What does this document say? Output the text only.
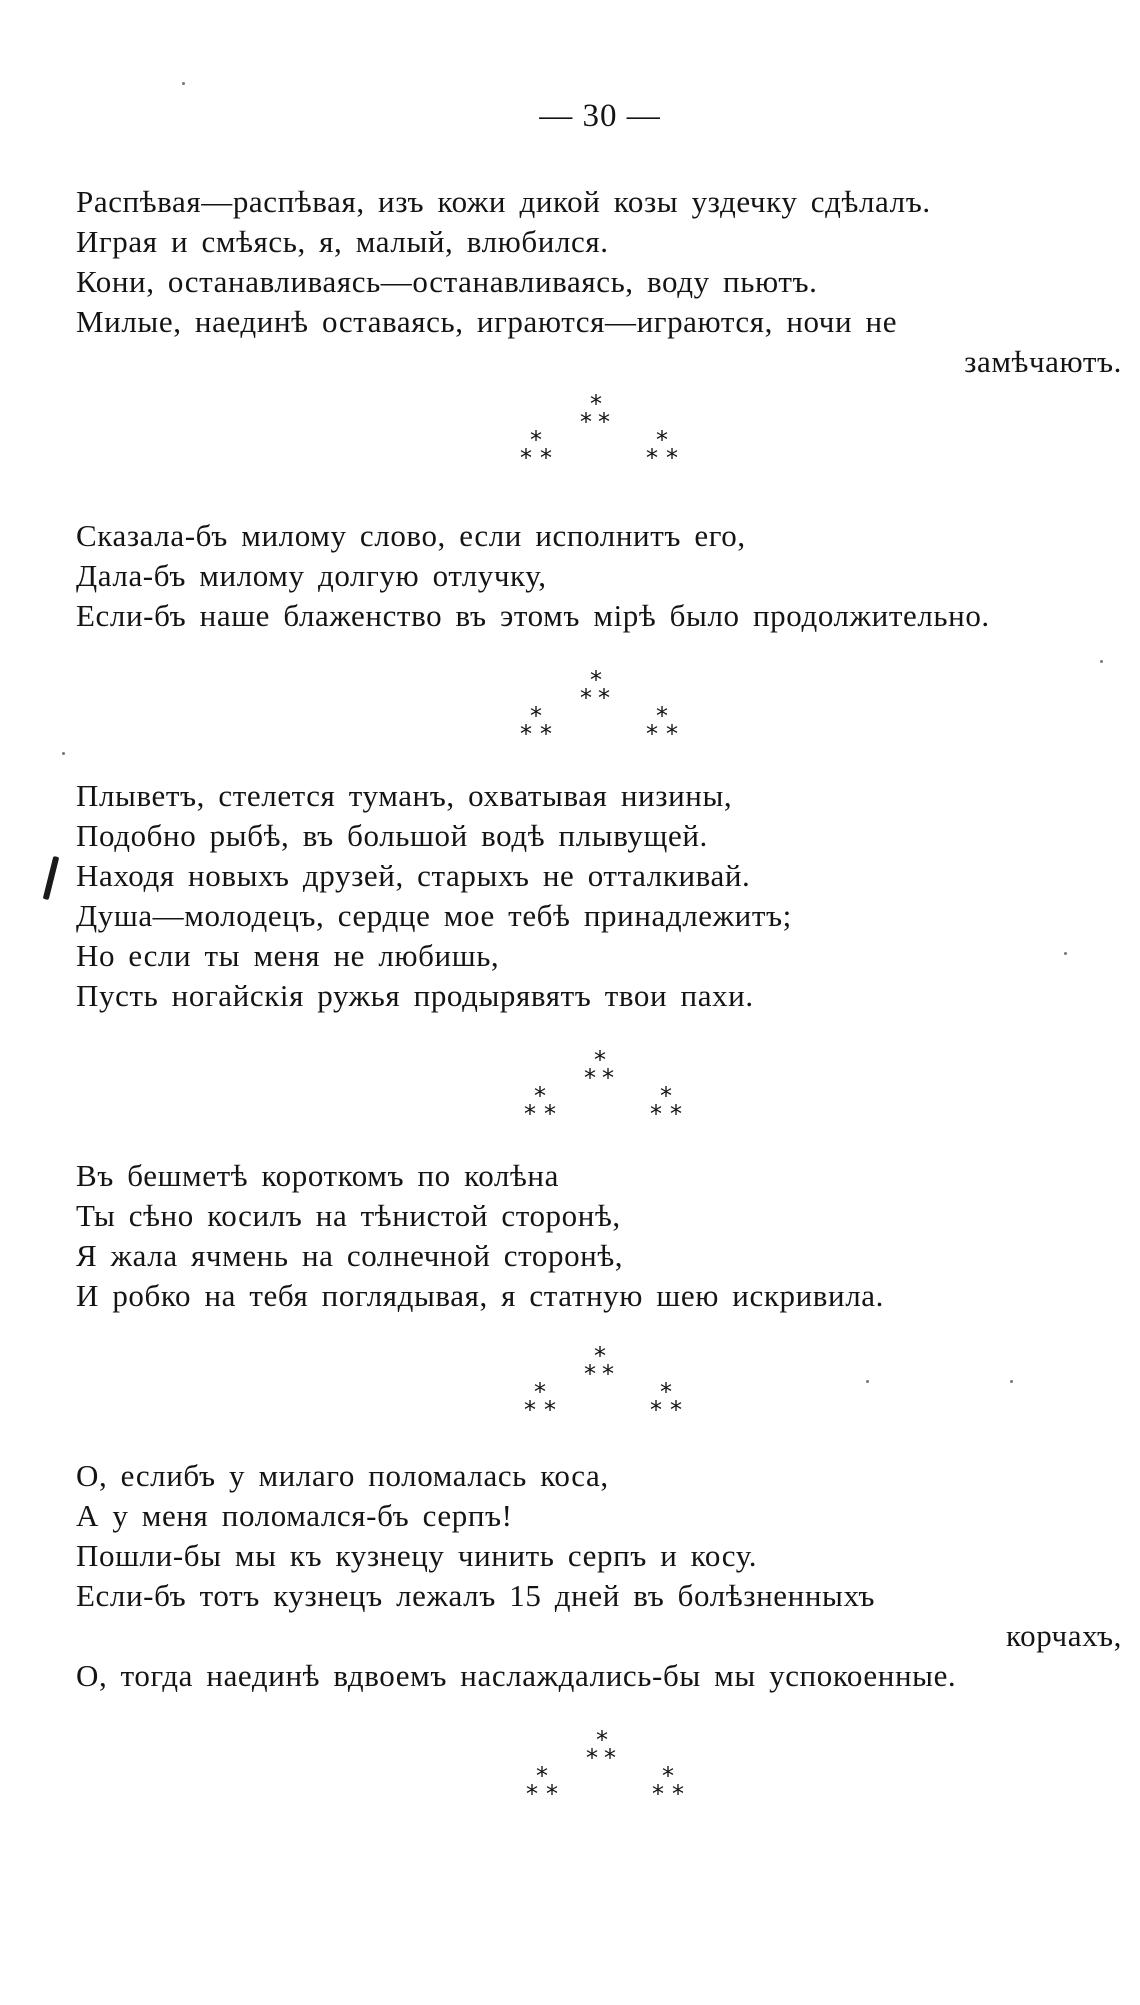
— 30 —
Распѣвая—распѣвая, изъ кожи дикой козы уздечку сдѣлалъ.
Играя и смѣясь, я, малый, влюбился.
Кони, останавливаясь—останавливаясь, воду пьютъ.
Милые, наединѣ оставаясь, играются—играются, ночи не
замѣчаютъ.
*
* *
*
* *
*
* *
Сказала-бъ милому слово, если исполнитъ его,
Дала-бъ милому долгую отлучку,
Если-бъ наше блаженство въ этомъ мірѣ было продолжительно.
*
* *
*
* *
*
* *
Плыветъ, стелется туманъ, охватывая низины,
Подобно рыбѣ, въ большой водѣ плывущей.
Находя новыхъ друзей, старыхъ не отталкивай.
Душа—молодецъ, сердце мое тебѣ принадлежитъ;
Но если ты меня не любишь,
Пусть ногайскія ружья продырявятъ твои пахи.
*
* *
*
* *
*
* *
Въ бешметѣ короткомъ по колѣна
Ты сѣно косилъ на тѣнистой сторонѣ,
Я жала ячмень на солнечной сторонѣ,
И робко на тебя поглядывая, я статную шею искривила.
*
* *
*
* *
*
* *
О, еслибъ у милаго поломалась коса,
А у меня поломался-бъ серпъ!
Пошли-бы мы къ кузнецу чинить серпъ и косу.
Если-бъ тотъ кузнецъ лежалъ 15 дней въ болѣзненныхъ
корчахъ,
О, тогда наединѣ вдвоемъ наслаждались-бы мы успокоенные.
*
* *
*
* *
*
* *
